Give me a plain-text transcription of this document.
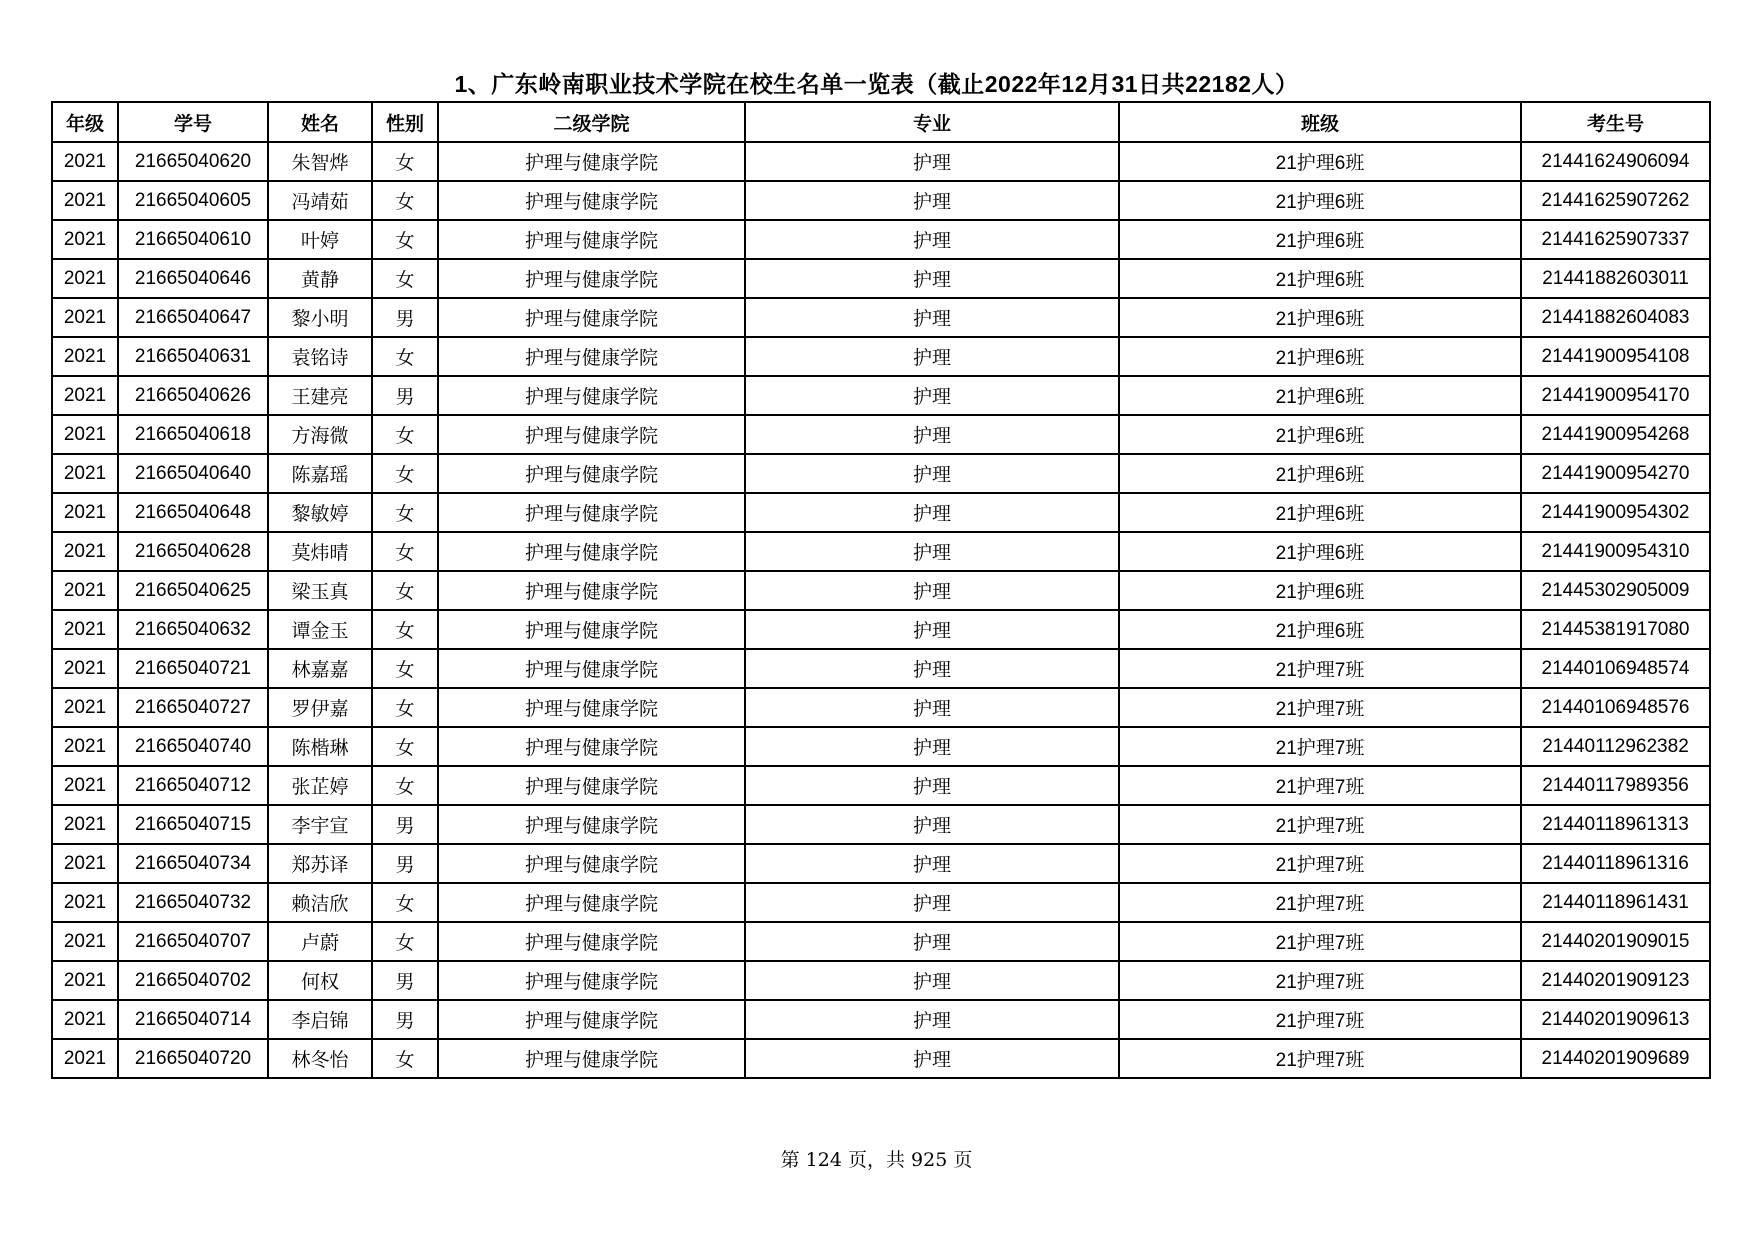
1、广东岭南职业技术学院在校生名单一览表（截止2022年12月31日共22182人）
年级	学号	姓名	性别	二级学院	专业	班级	考生号
2021	21665040620	朱智烨	女	护理与健康学院	护理	21护理6班	21441624906094
2021	21665040605	冯靖茹	女	护理与健康学院	护理	21护理6班	21441625907262
2021	21665040610	叶婷	女	护理与健康学院	护理	21护理6班	21441625907337
2021	21665040646	黄静	女	护理与健康学院	护理	21护理6班	21441882603011
2021	21665040647	黎小明	男	护理与健康学院	护理	21护理6班	21441882604083
2021	21665040631	袁铭诗	女	护理与健康学院	护理	21护理6班	21441900954108
2021	21665040626	王建亮	男	护理与健康学院	护理	21护理6班	21441900954170
2021	21665040618	方海微	女	护理与健康学院	护理	21护理6班	21441900954268
2021	21665040640	陈嘉瑶	女	护理与健康学院	护理	21护理6班	21441900954270
2021	21665040648	黎敏婷	女	护理与健康学院	护理	21护理6班	21441900954302
2021	21665040628	莫炜晴	女	护理与健康学院	护理	21护理6班	21441900954310
2021	21665040625	梁玉真	女	护理与健康学院	护理	21护理6班	21445302905009
2021	21665040632	谭金玉	女	护理与健康学院	护理	21护理6班	21445381917080
2021	21665040721	林嘉嘉	女	护理与健康学院	护理	21护理7班	21440106948574
2021	21665040727	罗伊嘉	女	护理与健康学院	护理	21护理7班	21440106948576
2021	21665040740	陈楷琳	女	护理与健康学院	护理	21护理7班	21440112962382
2021	21665040712	张芷婷	女	护理与健康学院	护理	21护理7班	21440117989356
2021	21665040715	李宇宣	男	护理与健康学院	护理	21护理7班	21440118961313
2021	21665040734	郑苏译	男	护理与健康学院	护理	21护理7班	21440118961316
2021	21665040732	赖洁欣	女	护理与健康学院	护理	21护理7班	21440118961431
2021	21665040707	卢蔚	女	护理与健康学院	护理	21护理7班	21440201909015
2021	21665040702	何权	男	护理与健康学院	护理	21护理7班	21440201909123
2021	21665040714	李启锦	男	护理与健康学院	护理	21护理7班	21440201909613
2021	21665040720	林冬怡	女	护理与健康学院	护理	21护理7班	21440201909689
第 124 页，共 925 页
